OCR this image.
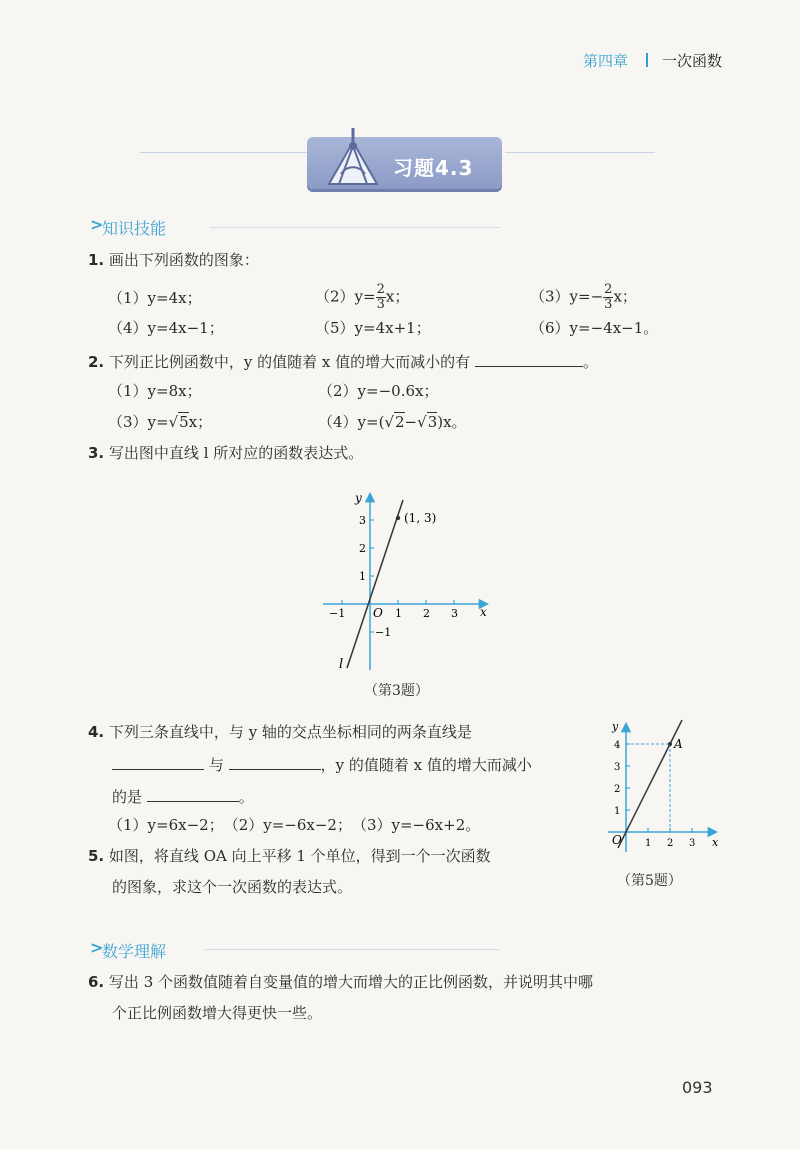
第四章 一次函数
习题4.3
>
知识技能
1. 画出下列函数的图象：
（1）y=4x；	$(2)y= \frac{2}{3}$ x；	$(3)y=- \frac{2}{3}$ x；
（4）y=4x−1；	（5）y=4x+1；	（6）y=−4x−1。
2. 下列正比例函数中，y 的值随着 x 值的增大而减小的有	。
（1）y=8x；	（2）y=−0.6x；
（3）y=√5x；	（4）y=(√2−√3)x。
3. 写出图中直线 l 所对应的函数表达式。
x
y
O
l
(1, 3)
−1	1 2 3
3
2
1
−1
（第3题）
4. 下列三条直线中，与 y 轴的交点坐标相同的两条直线是
与	，y 的值随着 x 值的增大而减小
的是	。
（1）y=6x−2；　（2）y=−6x−2；　（3）y=−6x+2。
5. 如图，将直线 OA 向上平移 1 个单位，得到一个一次函数
的图象，求这个一次函数的表达式。
A
x
y
O 1 2 3
4
3
2
1
（第5题）
>
数学理解
6. 写出 3 个函数值随着自变量值的增大而增大的正比例函数，并说明其中哪
个正比例函数增大得更快一些。
093
